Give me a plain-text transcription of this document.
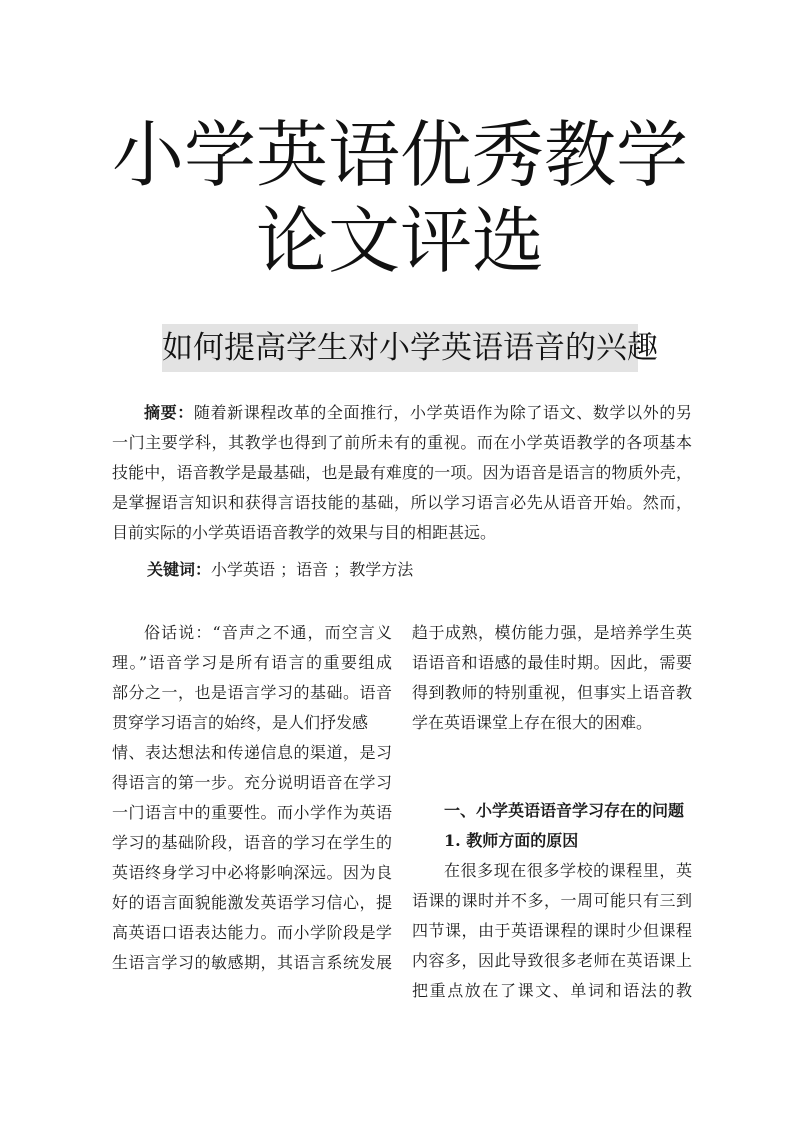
小学英语优秀教学
论文评选
如何提高学生对小学英语语音的兴趣
摘要：随着新课程改革的全面推行，小学英语作为除了语文、数学以外的另
一门主要学科，其教学也得到了前所未有的重视。而在小学英语教学的各项基本
技能中，语音教学是最基础，也是最有难度的一项。因为语音是语言的物质外壳，
是掌握语言知识和获得言语技能的基础，所以学习语言必先从语音开始。然而，
目前实际的小学英语语音教学的效果与目的相距甚远。
关键词：小学英语 ；语音 ；教学方法
俗话说：“音声之不通，而空言义
理。”语音学习是所有语言的重要组成
部分之一，也是语言学习的基础。语音
贯穿学习语言的始终，是人们抒发感
情、表达想法和传递信息的渠道，是习
得语言的第一步。充分说明语音在学习
一门语言中的重要性。而小学作为英语
学习的基础阶段，语音的学习在学生的
英语终身学习中必将影响深远。因为良
好的语言面貌能激发英语学习信心，提
高英语口语表达能力。而小学阶段是学
生语言学习的敏感期，其语言系统发展
趋于成熟，模仿能力强，是培养学生英
语语音和语感的最佳时期。因此，需要
得到教师的特别重视，但事实上语音教
学在英语课堂上存在很大的困难。
一、小学英语语音学习存在的问题
1. 教师方面的原因
在很多现在很多学校的课程里，英
语课的课时并不多，一周可能只有三到
四节课，由于英语课程的课时少但课程
内容多，因此导致很多老师在英语课上
把重点放在了课文、单词和语法的教
